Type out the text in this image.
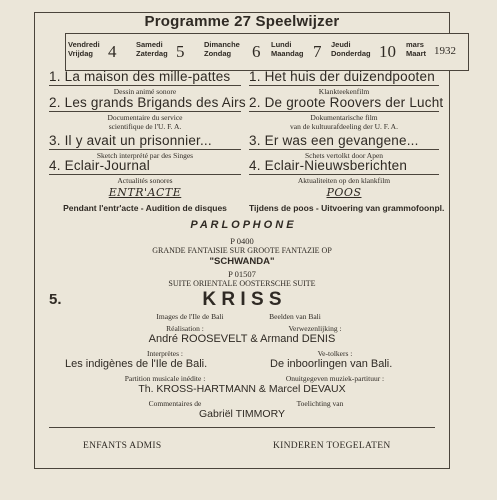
Programme 27 Speelwijzer
Vendredi
Vrijdag 4	Samedi
Zaterdag 5	Dimanche
Zondag 6 Lundi
Maandag 7 Jeudi
Donderdag 10 mars
Maart 1932
1. La maison des mille-pattes
Dessin animé sonore
2. Les grands Brigands des Airs
Documentaire du service
scientifique de l'U. F. A.
3. Il y avait un prisonnier...
Sketch interprété par des Singes
4. Eclair-Journal
Actualités sonores
ENTR'ACTE
Pendant l'entr'acte - Audition de disques
1. Het huis der duizendpooten
Klankteekenfilm
2. De groote Roovers der Lucht
Dokumentarische film
van de kultuurafdeeling der U. F. A.
3. Er was een gevangene...
Schets vertolkt door Apen
4. Eclair-Nieuwsberichten
Aktualiteiten op den klankfilm
POOS
Tijdens de poos - Uitvoering van grammofoonpl.
P A R L O P H O N E
P 0400
GRANDE FANTAISIE SUR GROOTE FANTAZIE OP
"SCHWANDA"
P 01507
SUITE ORIENTALE OOSTERSCHE SUITE
5.	K R I S S
Images de l'Ile de Bali	Beelden van Bali
Réalisation :	Verwezenlijking :
André ROOSEVELT & Armand DENIS
Interprètes :	Ve-tolkers :
Les indigènes de l'Ile de Bali.	De inboorlingen van Bali.
Partition musicale inédite :	Onuitgegeven muziek-partituur :
Th. KROSS-HARTMANN & Marcel DEVAUX
Commentaires de	Toelichting van
Gabriël TIMMORY
ENFANTS ADMIS	KINDEREN TOEGELATEN
